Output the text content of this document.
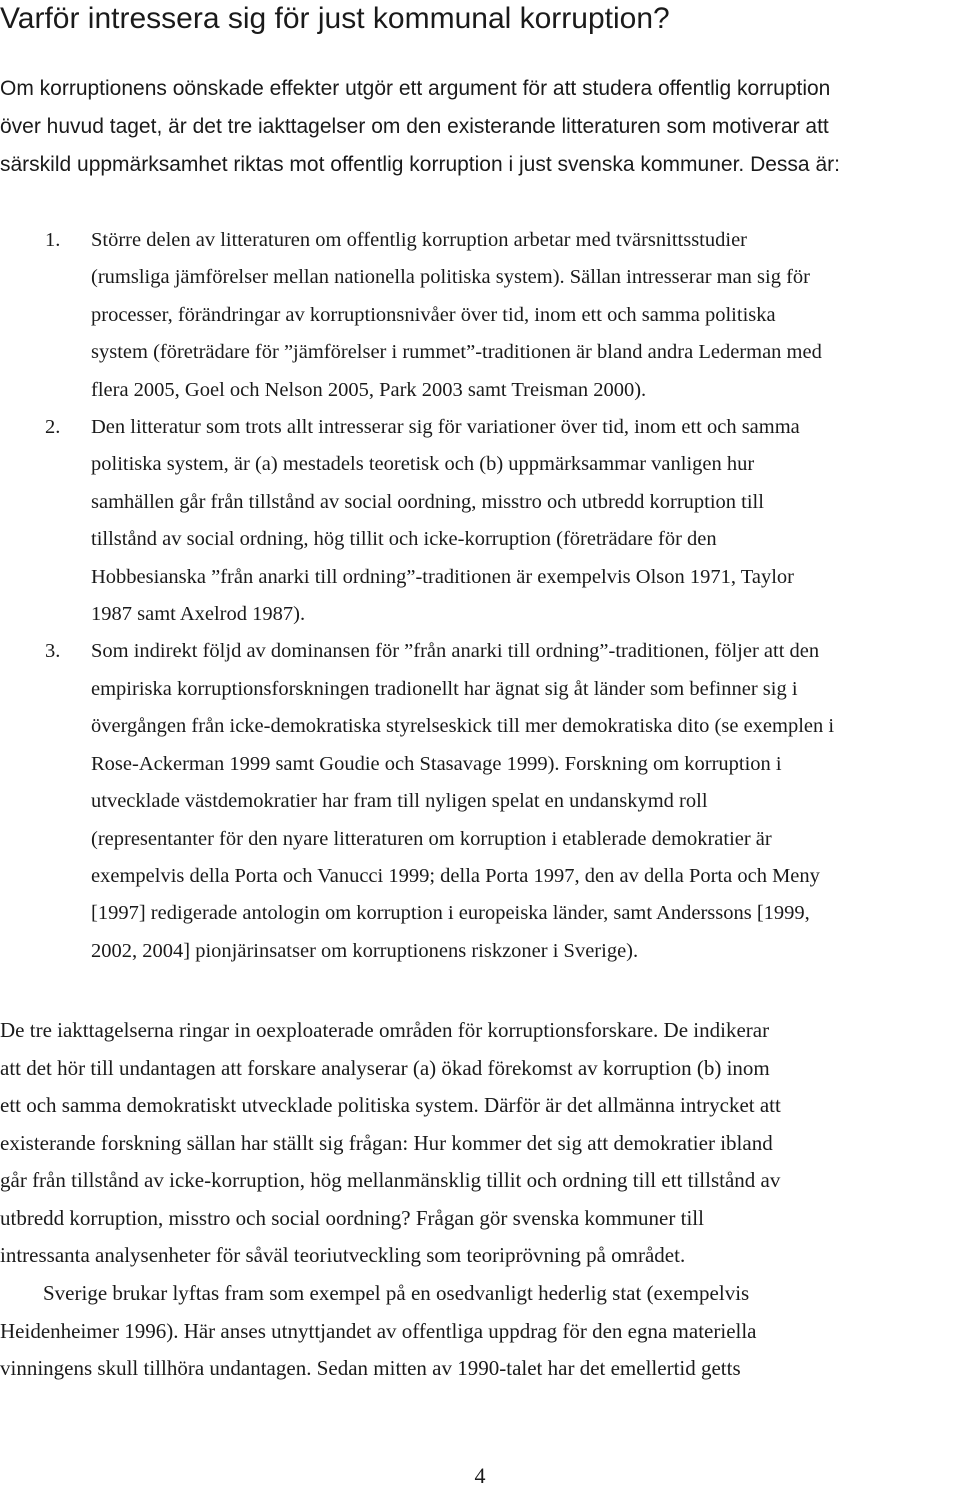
Varför intressera sig för just kommunal korruption?

Om korruptionens oönskade effekter utgör ett argument för att studera offentlig korruption
över huvud taget, är det tre iakttagelser om den existerande litteraturen som motiverar att
särskild uppmärksamhet riktas mot offentlig korruption i just svenska kommuner. Dessa är:

1. Större delen av litteraturen om offentlig korruption arbetar med tvärsnittsstudier
(rumsliga jämförelser mellan nationella politiska system). Sällan intresserar man sig för
processer, förändringar av korruptionsnivåer över tid, inom ett och samma politiska
system (företrädare för ”jämförelser i rummet”-traditionen är bland andra Lederman med
flera 2005, Goel och Nelson 2005, Park 2003 samt Treisman 2000).
2. Den litteratur som trots allt intresserar sig för variationer över tid, inom ett och samma
politiska system, är (a) mestadels teoretisk och (b) uppmärksammar vanligen hur
samhällen går från tillstånd av social oordning, misstro och utbredd korruption till
tillstånd av social ordning, hög tillit och icke-korruption (företrädare för den
Hobbesianska ”från anarki till ordning”-traditionen är exempelvis Olson 1971, Taylor
1987 samt Axelrod 1987).
3. Som indirekt följd av dominansen för ”från anarki till ordning”-traditionen, följer att den
empiriska korruptionsforskningen tradionellt har ägnat sig åt länder som befinner sig i
övergången från icke-demokratiska styrelseskick till mer demokratiska dito (se exemplen i
Rose-Ackerman 1999 samt Goudie och Stasavage 1999). Forskning om korruption i
utvecklade västdemokratier har fram till nyligen spelat en undanskymd roll
(representanter för den nyare litteraturen om korruption i etablerade demokratier är
exempelvis della Porta och Vanucci 1999; della Porta 1997, den av della Porta och Meny
[1997] redigerade antologin om korruption i europeiska länder, samt Anderssons [1999,
2002, 2004] pionjärinsatser om korruptionens riskzoner i Sverige).

De tre iakttagelserna ringar in oexploaterade områden för korruptionsforskare. De indikerar
att det hör till undantagen att forskare analyserar (a) ökad förekomst av korruption (b) inom
ett och samma demokratiskt utvecklade politiska system. Därför är det allmänna intrycket att
existerande forskning sällan har ställt sig frågan: Hur kommer det sig att demokratier ibland
går från tillstånd av icke-korruption, hög mellanmänsklig tillit och ordning till ett tillstånd av
utbredd korruption, misstro och social oordning? Frågan gör svenska kommuner till
intressanta analysenheter för såväl teoriutveckling som teoriprövning på området.

Sverige brukar lyftas fram som exempel på en osedvanligt hederlig stat (exempelvis
Heidenheimer 1996). Här anses utnyttjandet av offentliga uppdrag för den egna materiella
vinningens skull tillhöra undantagen. Sedan mitten av 1990-talet har det emellertid getts

4
